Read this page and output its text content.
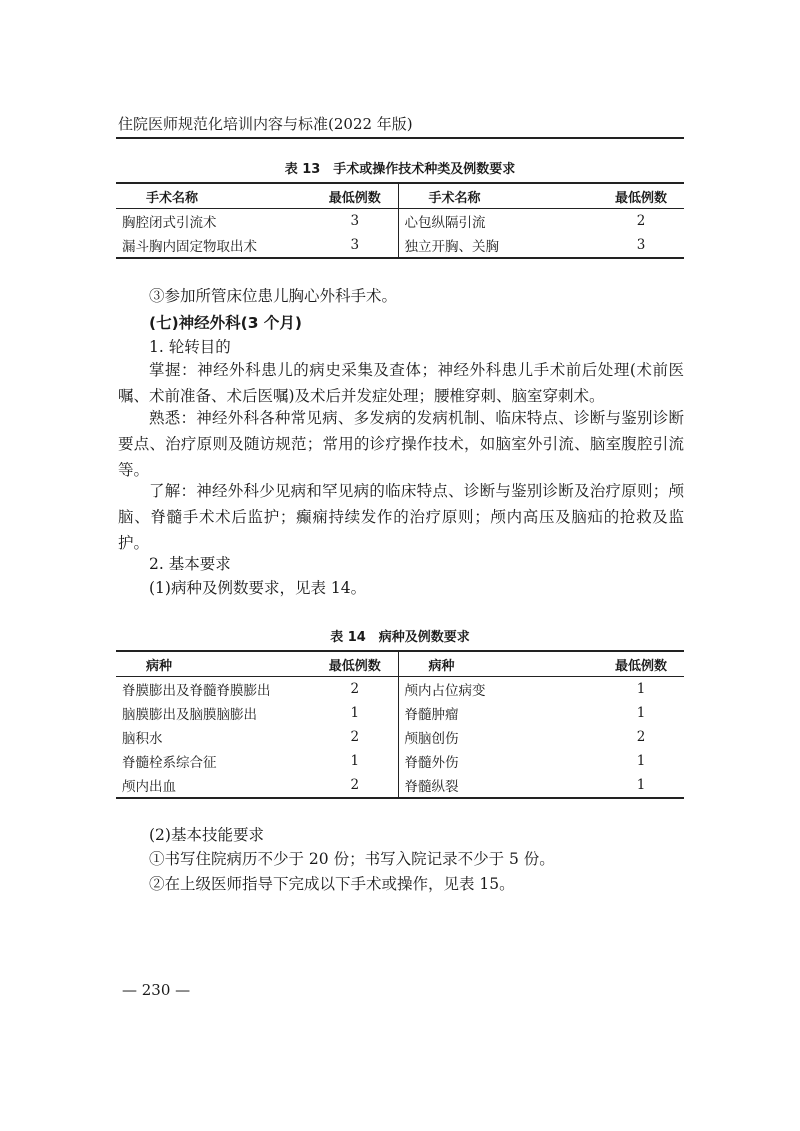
住院医师规范化培训内容与标准(2022 年版)
表 13　手术或操作技术种类及例数要求
手术名称	最低例数	手术名称	最低例数
胸腔闭式引流术	3	心包纵隔引流	2
漏斗胸内固定物取出术	3	独立开胸、关胸	3

③参加所管床位患儿胸心外科手术。

(七)神经外科(3 个月)

1. 轮转目的

掌握：神经外科患儿的病史采集及查体；神经外科患儿手术前后处理(术前医嘱、术前准备、术后医嘱)及术后并发症处理；腰椎穿刺、脑室穿刺术。

熟悉：神经外科各种常见病、多发病的发病机制、临床特点、诊断与鉴别诊断要点、治疗原则及随访规范；常用的诊疗操作技术，如脑室外引流、脑室腹腔引流等。

了解：神经外科少见病和罕见病的临床特点、诊断与鉴别诊断及治疗原则；颅脑、脊髓手术术后监护；癫痫持续发作的治疗原则；颅内高压及脑疝的抢救及监护。

2. 基本要求

(1)病种及例数要求，见表 14。

表 14　病种及例数要求
病种	最低例数	病种	最低例数
脊膜膨出及脊髓脊膜膨出	2	颅内占位病变	1
脑膜膨出及脑膜脑膨出	1	脊髓肿瘤	1
脑积水	2	颅脑创伤	2
脊髓栓系综合征	1	脊髓外伤	1
颅内出血	2	脊髓纵裂	1

(2)基本技能要求

①书写住院病历不少于 20 份；书写入院记录不少于 5 份。

②在上级医师指导下完成以下手术或操作，见表 15。

— 230 —
